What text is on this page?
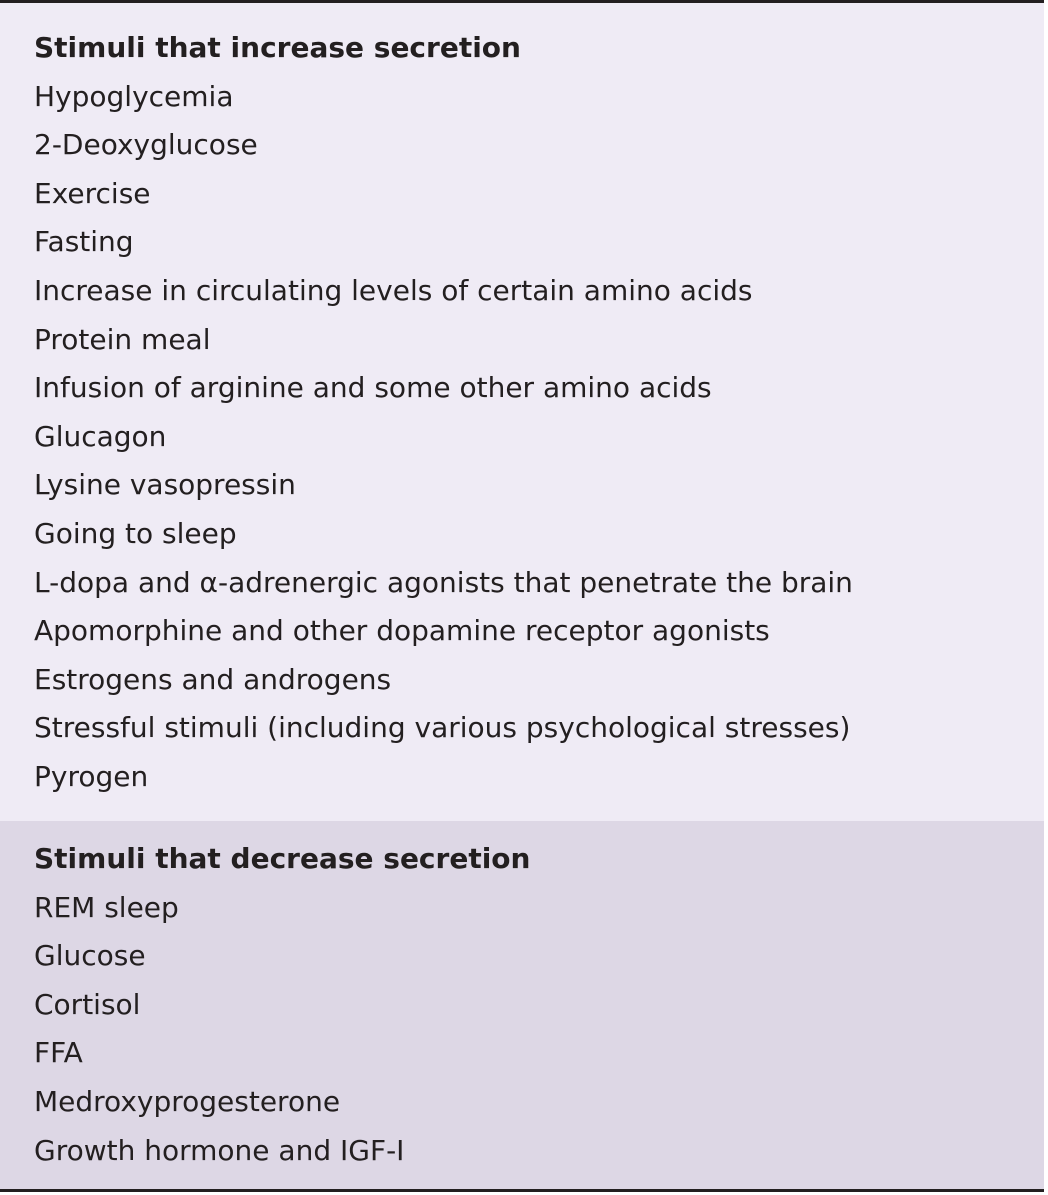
Stimuli that increase secretion
Hypoglycemia
2-Deoxyglucose
Exercise
Fasting
Increase in circulating levels of certain amino acids
Protein meal
Infusion of arginine and some other amino acids
Glucagon
Lysine vasopressin
Going to sleep
L-dopa and α-adrenergic agonists that penetrate the brain
Apomorphine and other dopamine receptor agonists
Estrogens and androgens
Stressful stimuli (including various psychological stresses)
Pyrogen
Stimuli that decrease secretion
REM sleep
Glucose
Cortisol
FFA
Medroxyprogesterone
Growth hormone and IGF-I
